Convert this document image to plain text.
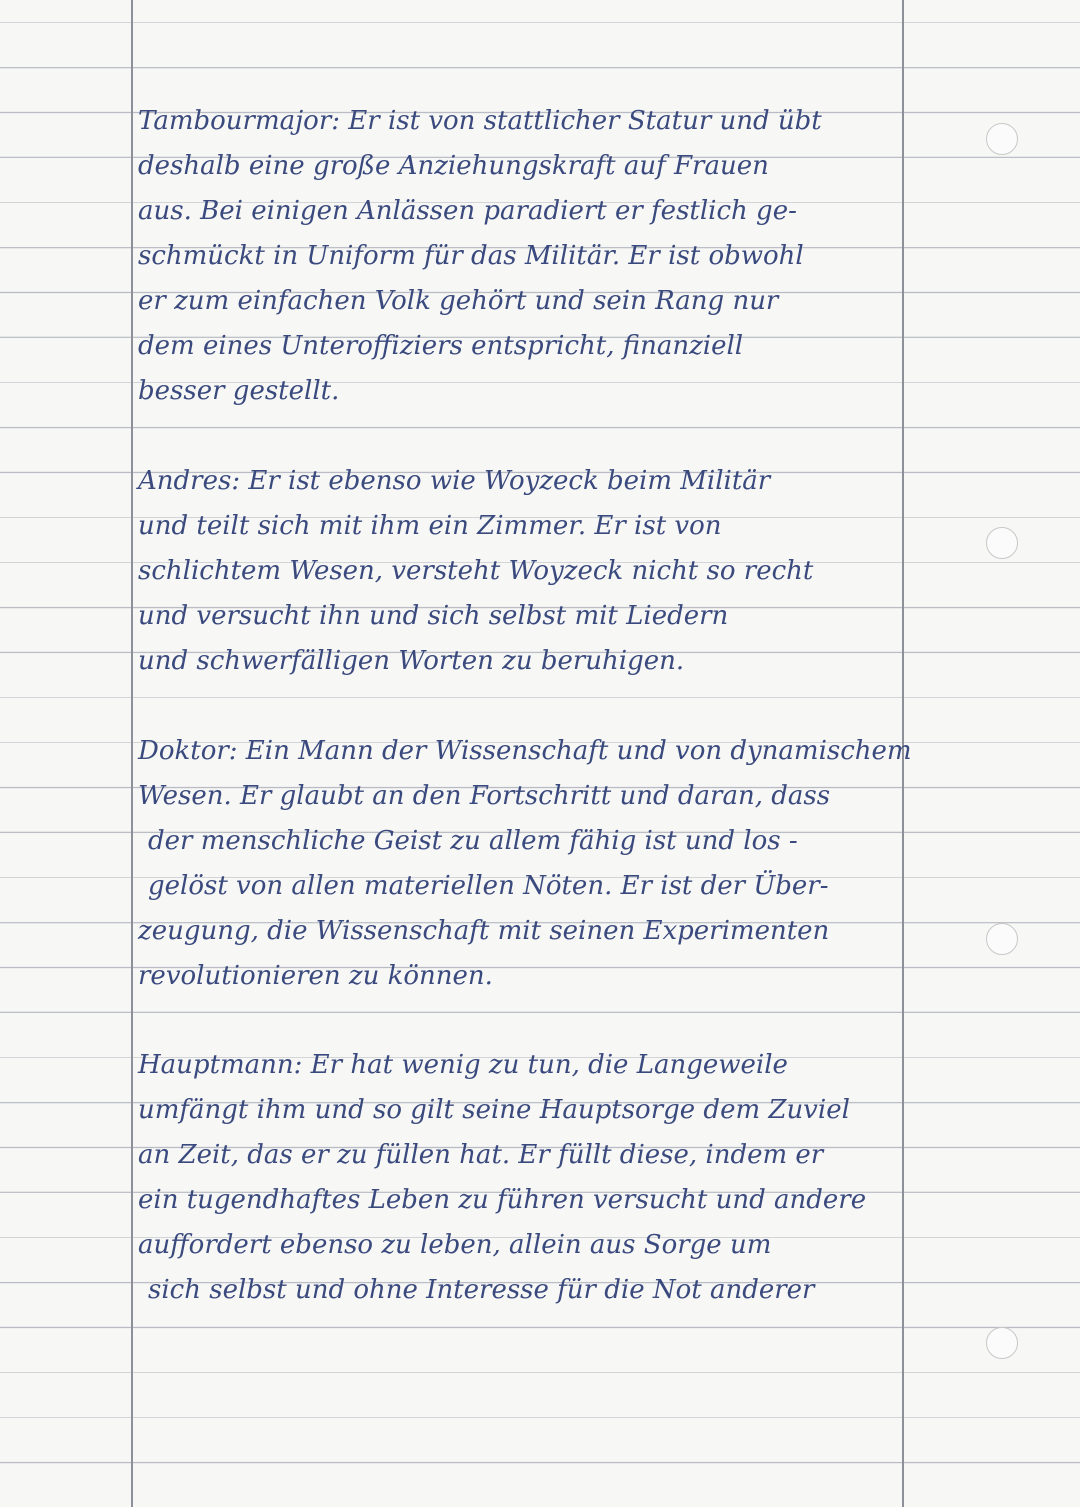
Tambourmajor: Er ist von stattlicher Statur und übt
deshalb eine große Anziehungskraft auf Frauen
aus. Bei einigen Anlässen paradiert er festlich ge-
schmückt in Uniform für das Militär. Er ist obwohl
er zum einfachen Volk gehört und sein Rang nur
dem eines Unteroffiziers entspricht, finanziell
besser gestellt.
Andres: Er ist ebenso wie Woyzeck beim Militär
und teilt sich mit ihm ein Zimmer. Er ist von
schlichtem Wesen, versteht Woyzeck nicht so recht
und versucht ihn und sich selbst mit Liedern
und schwerfälligen Worten zu beruhigen.
Doktor: Ein Mann der Wissenschaft und von dynamischem
Wesen. Er glaubt an den Fortschritt und daran, dass
der menschliche Geist zu allem fähig ist und los -
gelöst von allen materiellen Nöten. Er ist der Über-
zeugung, die Wissenschaft mit seinen Experimenten
revolutionieren zu können.
Hauptmann: Er hat wenig zu tun, die Langeweile
umfängt ihm und so gilt seine Hauptsorge dem Zuviel
an Zeit, das er zu füllen hat. Er füllt diese, indem er
ein tugendhaftes Leben zu führen versucht und andere
auffordert ebenso zu leben, allein aus Sorge um
sich selbst und ohne Interesse für die Not anderer
